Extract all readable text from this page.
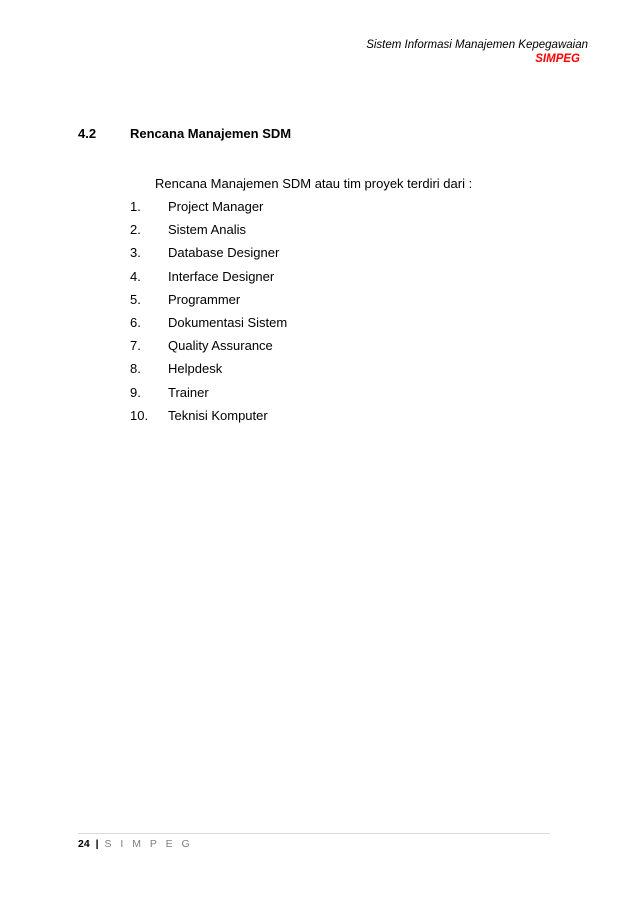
Sistem Informasi Manajemen Kepegawaian
SIMPEG
4.2	Rencana Manajemen SDM
Rencana Manajemen SDM atau tim proyek terdiri dari :
1. Project Manager
2. Sistem Analis
3. Database Designer
4. Interface Designer
5. Programmer
6. Dokumentasi Sistem
7. Quality Assurance
8. Helpdesk
9. Trainer
10. Teknisi Komputer
24 | S I M P E G
